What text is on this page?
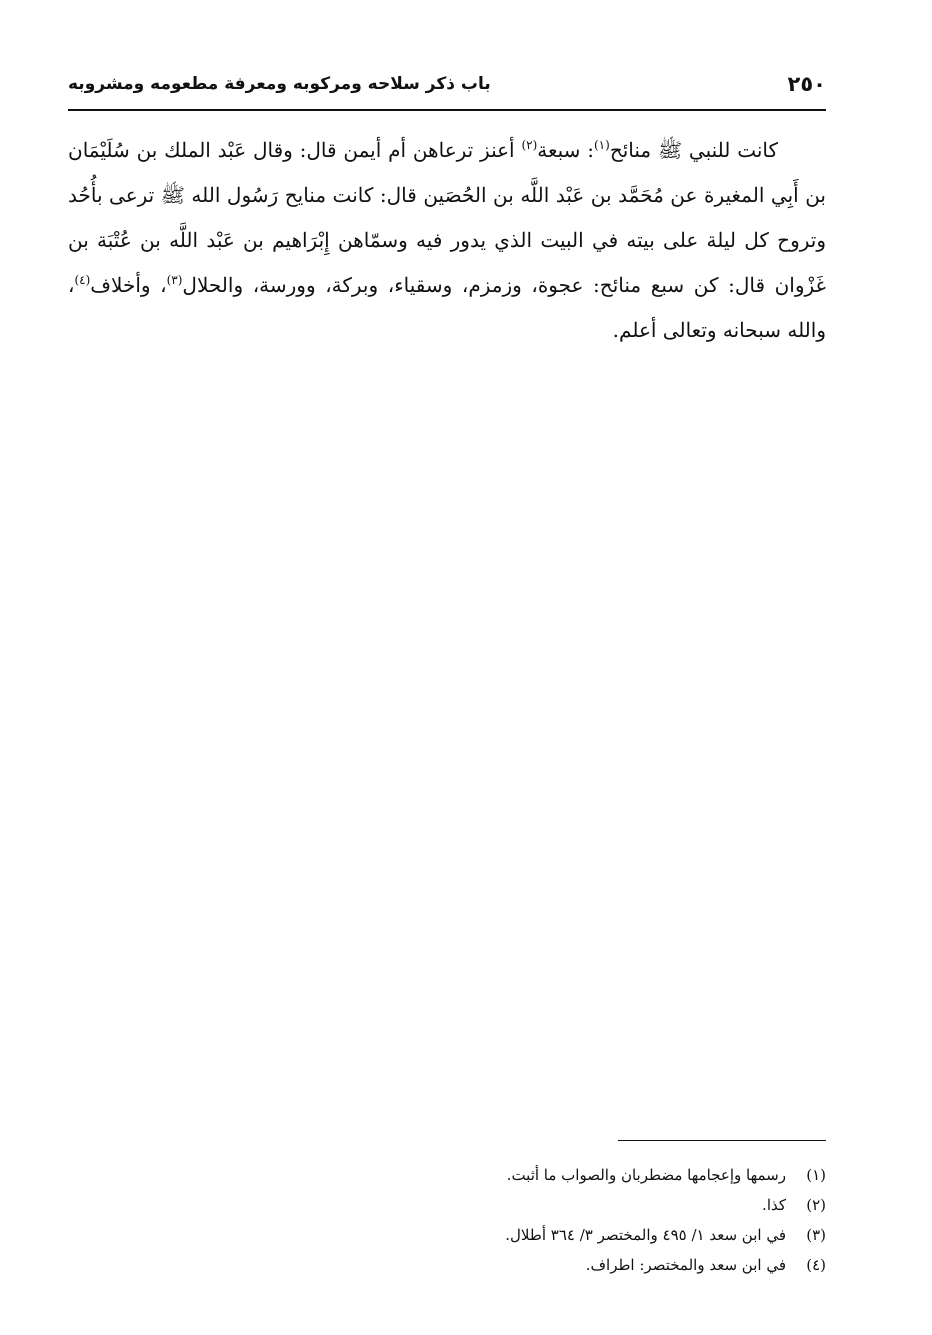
٢٥٠
باب ذكر سلاحه ومركوبه ومعرفة مطعومه ومشروبه

كانت للنبي ﷺ منائح$^{(١)}$: سبعة$^{(٢)}$ أعنز ترعاهن أم أيمن قال: وقال عَبْد الملك بن سُلَيْمَان بن أَبِي المغيرة عن مُحَمَّد بن عَبْد اللَّه بن الحُصَين قال: كانت منايح رَسُول الله ﷺ ترعى بأُحُد وتروح كل ليلة على بيته في البيت الذي يدور فيه وسمّاهن إِبْرَاهيم بن عَبْد اللَّه بن عُتْبَة بن غَزْوان قال: كن سبع منائح: عجوة، وزمزم، وسقياء، وبركة، وورسة، والحلال$^{(٣)}$، وأخلاف$^{(٤)}$، والله سبحانه وتعالى أعلم.

(١)
رسمها وإعجامها مضطربان والصواب ما أثبت.
(٢)
كذا.
(٣)
في ابن سعد ١/ ٤٩٥ والمختصر ٣/ ٣٦٤ أطلال.
(٤)
في ابن سعد والمختصر: اطراف.
